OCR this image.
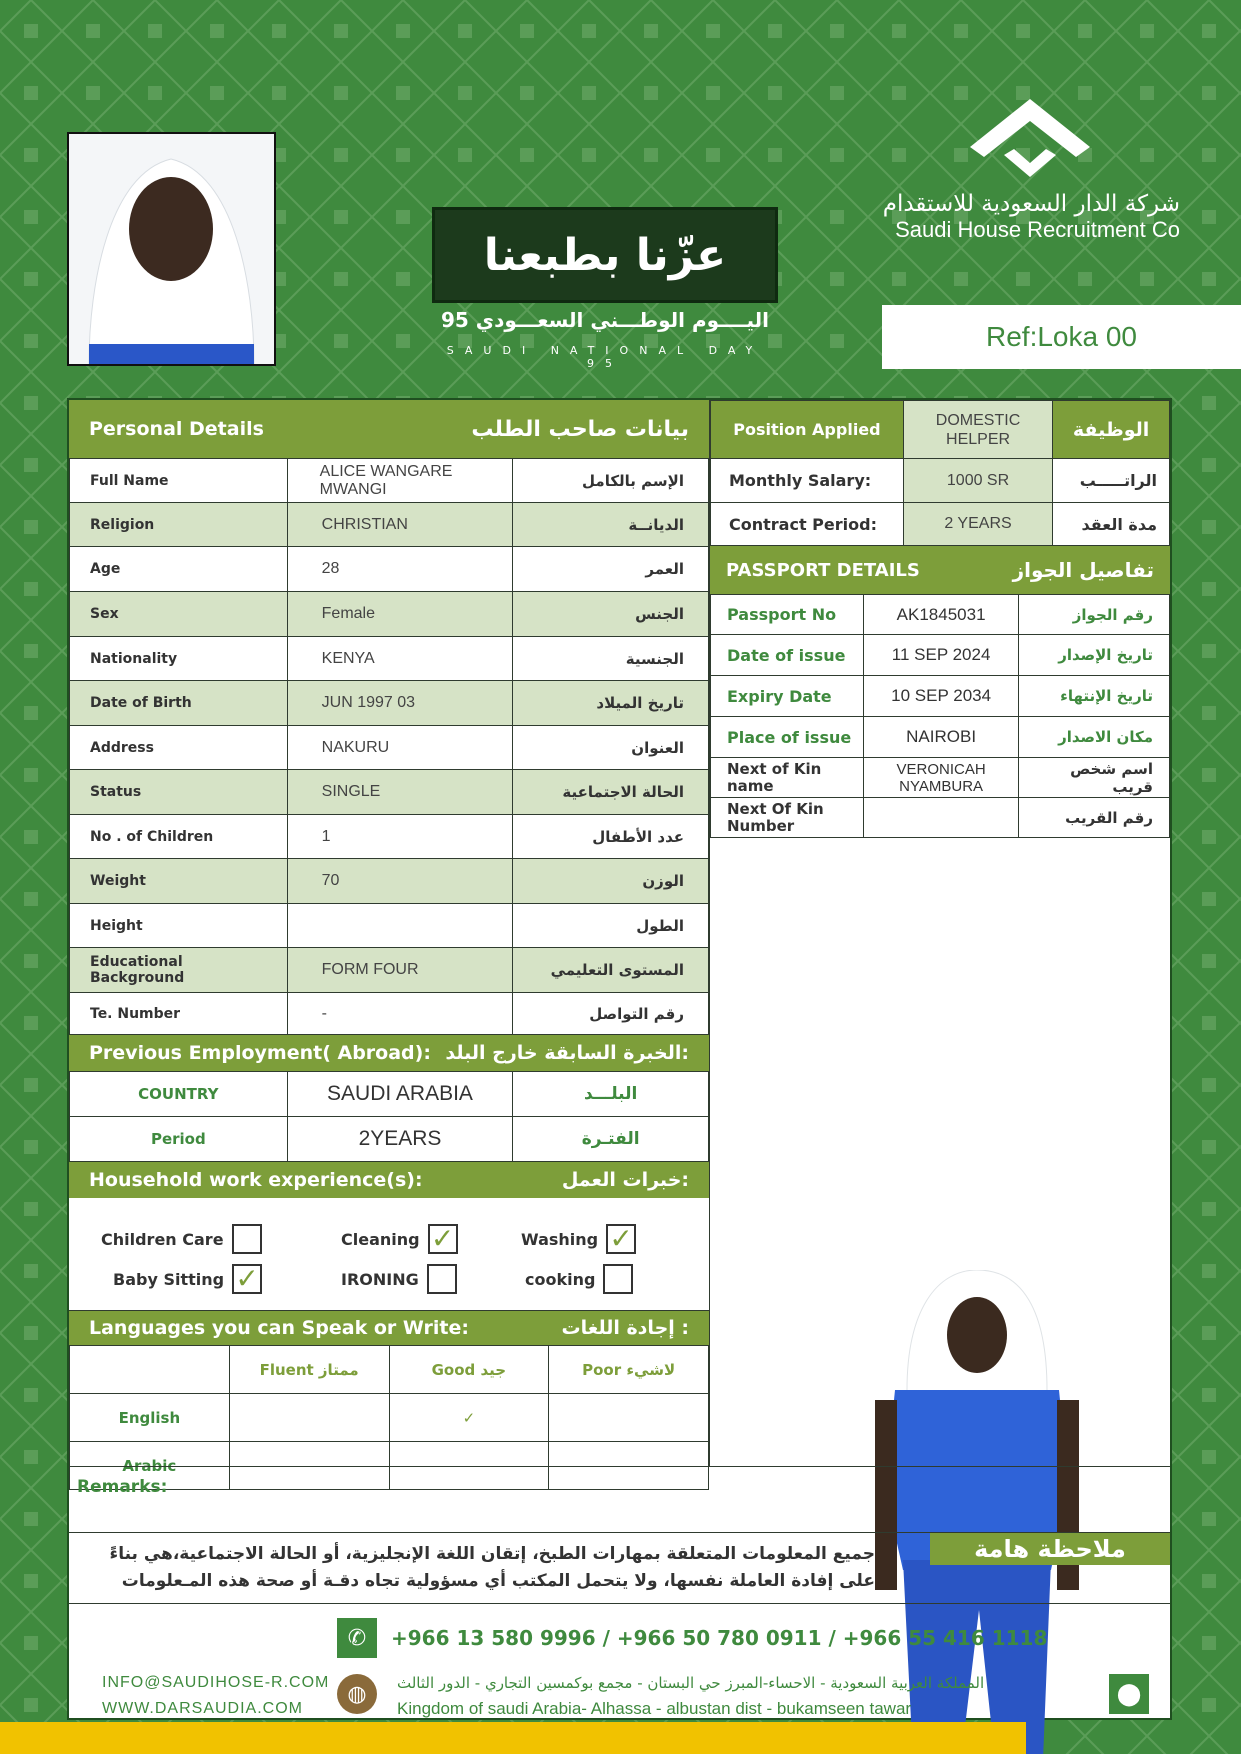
عزّنا بطبعنا
اليــــوم الوطـــني السعـــودي 95
SAUDI NATIONAL DAY 95
شركة الدار السعودية للاستقدام
Saudi House Recruitment Co
Ref:Loka 00
Personal Details	بيانات صاحب الطلب
Full Name	ALICE WANGARE MWANGI	الإسم بالكامل
Religion	CHRISTIAN	الديانــة
Age	28	العمر
Sex	Female	الجنس
Nationality	KENYA	الجنسية
Date of Birth	JUN 1997 03	تاريخ الميلاد
Address	NAKURU	العنوان
Status	SINGLE	الحالة الاجتماعية
No . of Children	1	عدد الأطفال
Weight	70	الوزن
Height		الطول
Educational Background	FORM FOUR	المستوى التعليمي
Te. Number	-	رقم التواصل
Previous Employment( Abroad): الخبرة السابقة خارج البلد:
COUNTRY	SAUDI ARABIA	البلـــد
Period	2YEARS	الفتـرة
Household work experience(s):	خبرات العمل:
Children Care	Cleaning ✓	Washing ✓
Baby Sitting ✓	IRONING	cooking
Languages you can Speak or Write:	إجادة اللغات :
	Fluent ممتاز	Good جيد	Poor لاشيء
English		✓	
Arabic			
Position Applied	DOMESTIC HELPER	الوظيفة
Monthly Salary:	1000 SR	الراتـــــب
Contract Period:	2 YEARS	مدة العقد
PASSPORT DETAILS	تفاصيل الجواز
Passport No	AK1845031	رقم الجواز
Date of issue	11 SEP 2024	تاريخ الإصدار
Expiry Date	10 SEP 2034	تاريخ الإنتهاء
Place of issue	NAIROBI	مكان الاصدار
Next of Kin name	VERONICAH NYAMBURA	اسم شخص قريب
Next Of Kin Number		رقم القريب
Remarks:
ملاحظة هامة
جميع المعلومات المتعلقة بمهارات الطبخ، إتقان اللغة الإنجليزية، أو الحالة الاجتماعية،هي بناءً على إفادة العاملة نفسها، ولا يتحمل المكتب أي مسؤولية تجاه دقـة أو صحة هذه المـعلومات
✆	+966 13 580 9996 / +966 50 780 0911 / +966 55 416 1118
INFO@SAUDIHOSE-R.COM
WWW.DARSAUDIA.COM
◍	المملكة العربية السعودية - الاحساء-المبرز حي البستان - مجمع بوكمسين التجاري - الدور الثالث
Kingdom of saudi Arabia- Alhassa - albustan dist - bukamseen tawar
⬤
